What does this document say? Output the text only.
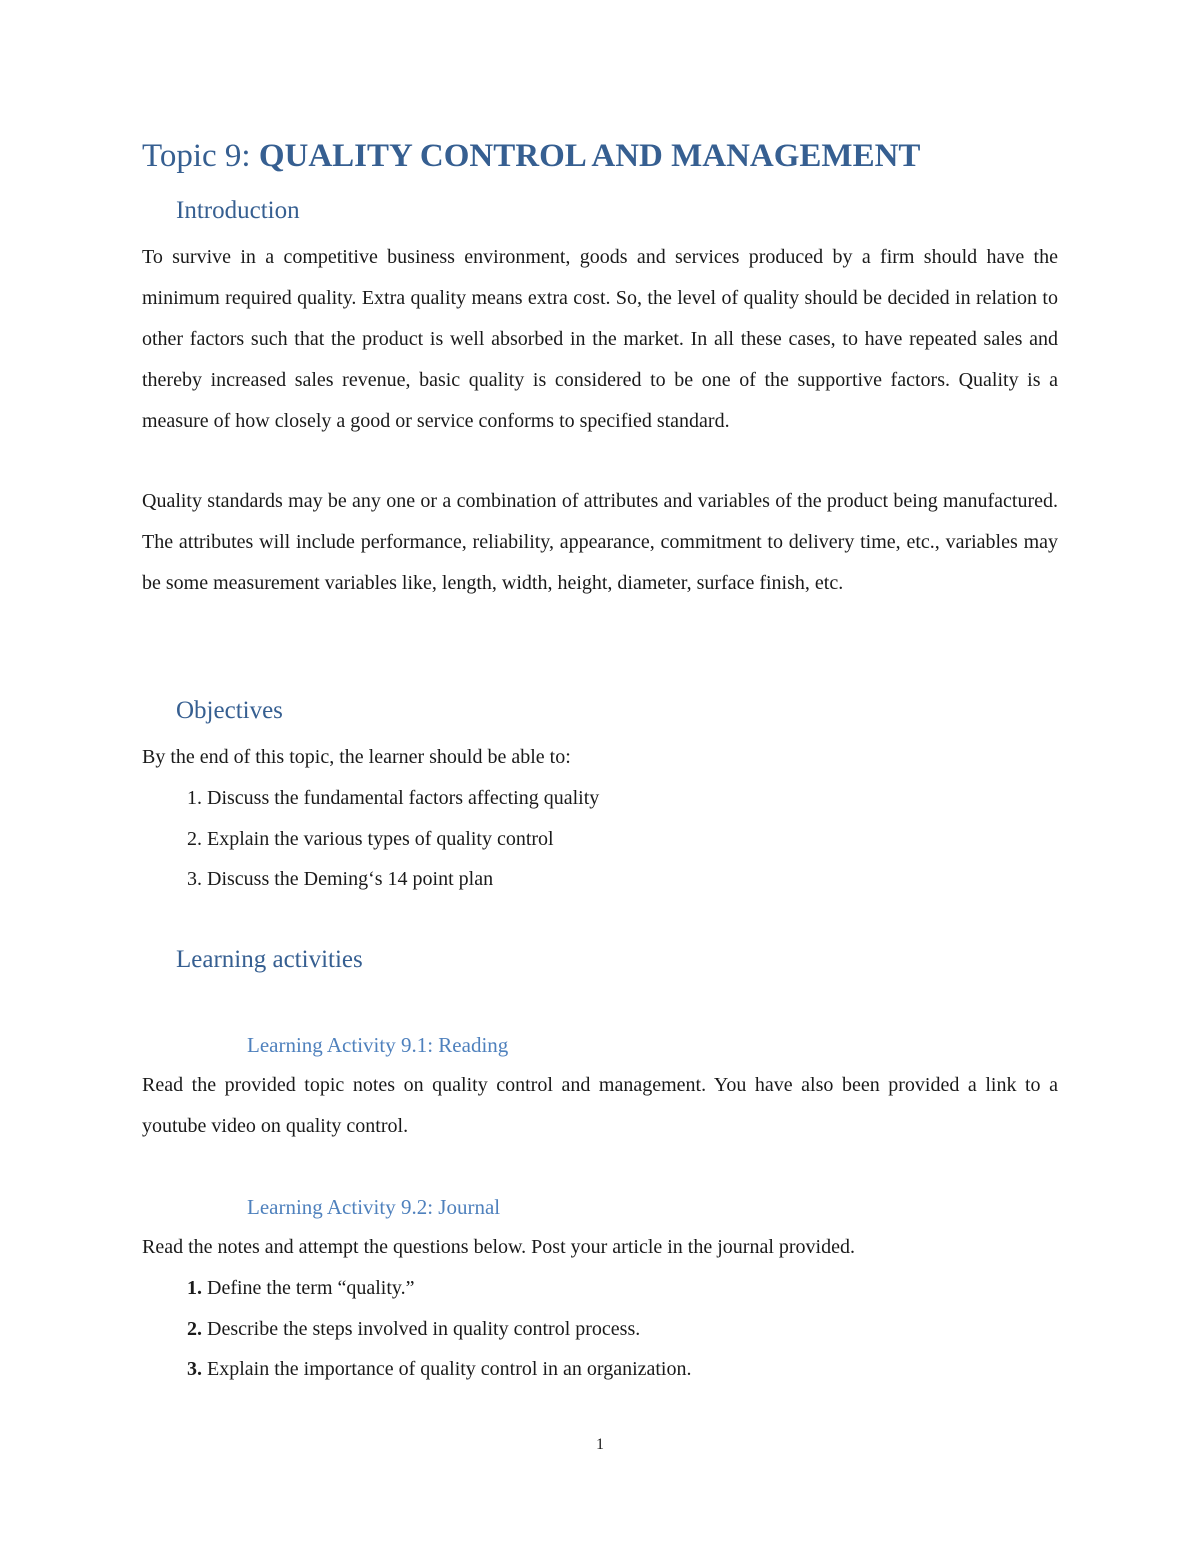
Topic 9: QUALITY CONTROL AND MANAGEMENT
Introduction

To survive in a competitive business environment, goods and services produced by a firm should have the minimum required quality. Extra quality means extra cost. So, the level of quality should be decided in relation to other factors such that the product is well absorbed in the market. In all these cases, to have repeated sales and thereby increased sales revenue, basic quality is considered to be one of the supportive factors. Quality is a measure of how closely a good or service conforms to specified standard.

Quality standards may be any one or a combination of attributes and variables of the product being manufactured. The attributes will include performance, reliability, appearance, commitment to delivery time, etc., variables may be some measurement variables like, length, width, height, diameter, surface finish, etc.

Objectives
By the end of this topic, the learner should be able to:
1. Discuss the fundamental factors affecting quality
2. Explain the various types of quality control
3. Discuss the Deming‘s 14 point plan
Learning activities
Learning Activity 9.1: Reading

Read the provided topic notes on quality control and management. You have also been provided a link to a youtube video on quality control.

Learning Activity 9.2: Journal
Read the notes and attempt the questions below. Post your article in the journal provided.
1. Define the term “quality.”
2. Describe the steps involved in quality control process.
3. Explain the importance of quality control in an organization.
1
